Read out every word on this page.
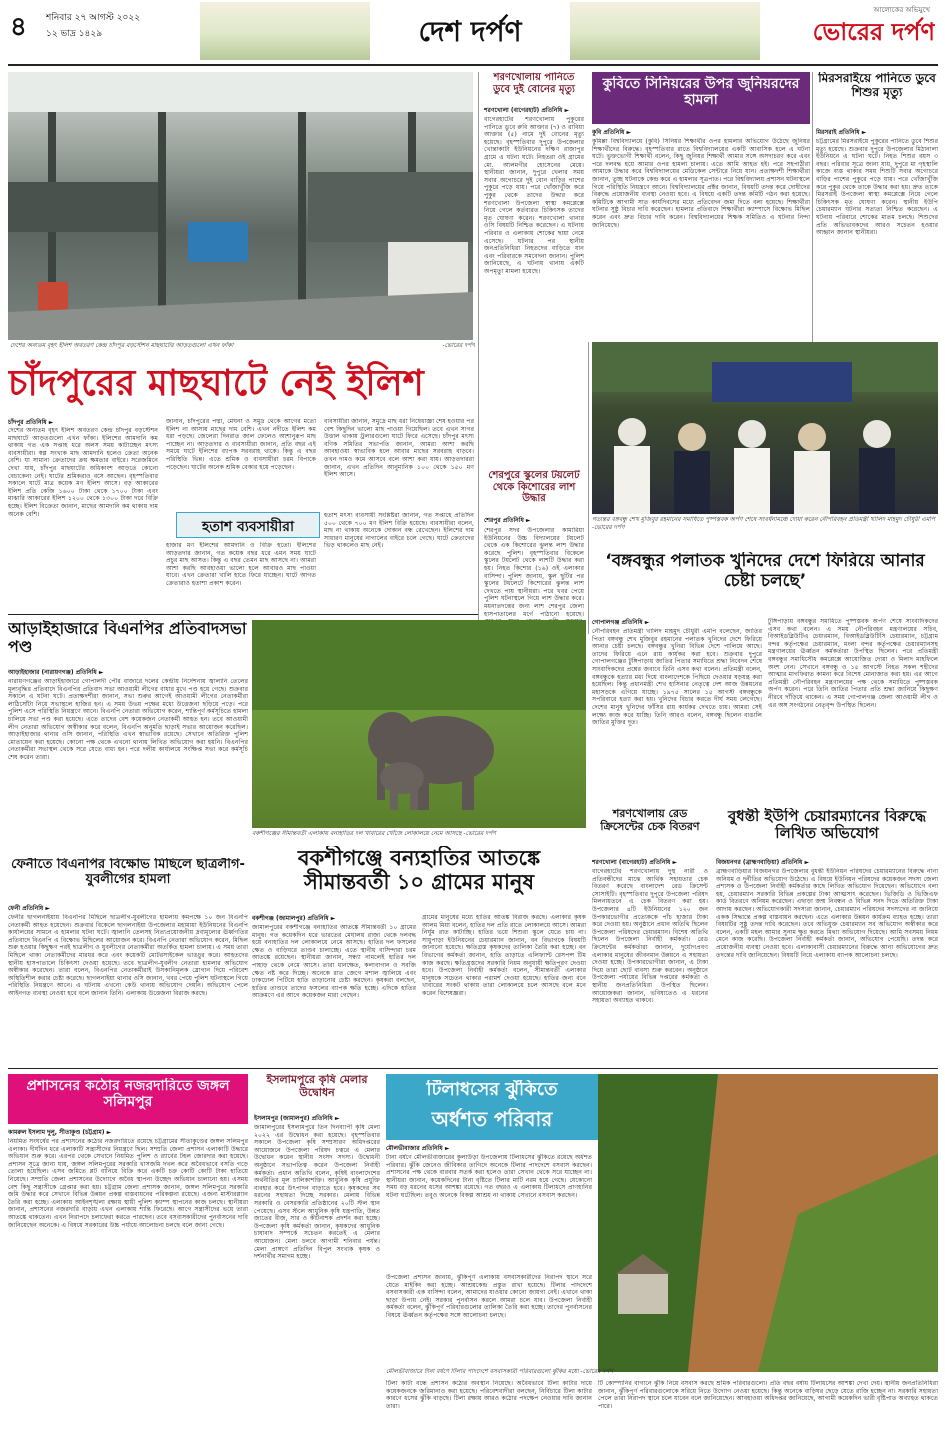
৪	শনিবার ২৭ আগস্ট ২০২২
১২ ভাদ্র ১৪২৯	দেশ দর্পণ
আলোকের অভিমুখে
ভোরের দর্পণ
দেশের অন্যতম বৃহৎ ইলিশ অবতরণ কেন্দ্র চাঁদপুর বড়স্টেশন মাছঘাটের আড়তগুলো এখন ফাঁকা	-ভোরের দর্পণ
শরণখোলায় পানিতে ডুবে দুই বোনের মৃত্যু
শরণখোলা (বাগেরহাট) প্রতিনিধি ►
বাগেরহাটের শরণখোলায় পুকুরের পানিতে ডুবে রুবি আক্তার (৭) ও রাবিয়া আক্তার (৫) নামে দুই বোনের মৃত্যু হয়েছে। বৃহস্পতিবার দুপুরে উপজেলার খোন্তাকাটা ইউনিয়নের দক্ষিণ রাজাপুর গ্রামে এ ঘটনা ঘটে। নিহতরা ওই গ্রামের মো. আলমগীর হোসেনের মেয়ে। স্থানীয়রা জানান, দুপুরে খেলার সময় সবার অগোচরে দুই বোন বাড়ির পাশের পুকুরে পড়ে যায়। পরে খোঁজাখুঁজি করে পুকুর থেকে তাদের উদ্ধার করে শরণখোলা উপজেলা স্বাস্থ্য কমপ্লেক্সে নিয়ে গেলে কর্তব্যরত চিকিৎসক তাদের মৃত ঘোষণা করেন। শরণখোলা থানার ওসি বিষয়টি নিশ্চিত করেছেন। এ ঘটনায় পরিবার ও এলাকায় শোকের ছায়া নেমে এসেছে। ঘটনার পর স্থানীয় জনপ্রতিনিধিরা নিহতদের বাড়িতে যান এবং পরিবারকে সমবেদনা জানান। পুলিশ জানিয়েছে, এ ঘটনায় থানায় একটি অপমৃত্যু মামলা হয়েছে।
শেরপুরে স্কুলের টয়লেট থেকে কিশোরের লাশ উদ্ধার
শেরপুর প্রতিনিধি ►
শেরপুর সদর উপজেলার কামারিয়া ইউনিয়নের উচ্চ বিদ্যালয়ের টয়লেট থেকে এক কিশোরের ঝুলন্ত লাশ উদ্ধার করেছে পুলিশ। বৃহস্পতিবার বিকেলে স্কুলের টয়লেট থেকে লাশটি উদ্ধার করা হয়। নিহত কিশোর (১৬) ওই এলাকার বাসিন্দা। পুলিশ জানায়, স্কুল ছুটির পর স্কুলের টয়লেটে কিশোরের ঝুলন্ত লাশ দেখতে পায় স্থানীয়রা। পরে খবর পেয়ে পুলিশ ঘটনাস্থলে গিয়ে লাশ উদ্ধার করে। ময়নাতদন্তের জন্য লাশ শেরপুর জেলা হাসপাতালের মর্গে পাঠানো হয়েছে।
কুবিতে সিনিয়রের উপর জুনিয়রদের হামলা
কুবি প্রতিনিধি ►
কুমিল্লা বিশ্ববিদ্যালয়ে (কুবি) সিনিয়র শিক্ষার্থীর ওপর হামলার অভিযোগ উঠেছে জুনিয়র শিক্ষার্থীদের বিরুদ্ধে। বৃহস্পতিবার রাতে বিশ্ববিদ্যালয়ের একটি আবাসিক হলে এ ঘটনা ঘটে। ভুক্তভোগী শিক্ষার্থী বলেন, কিছু জুনিয়র শিক্ষার্থী আমার সঙ্গে অসদাচরণ করে এবং পরে দলবদ্ধ হয়ে আমার ওপর হামলা চালায়। এতে আমি আহত হই। পরে সহপাঠীরা আমাকে উদ্ধার করে বিশ্ববিদ্যালয়ের মেডিকেল সেন্টারে নিয়ে যান। প্রত্যক্ষদর্শী শিক্ষার্থীরা জানান, তুচ্ছ ঘটনাকে কেন্দ্র করে এ হামলার সূত্রপাত। পরে বিশ্ববিদ্যালয় প্রশাসন ঘটনাস্থলে গিয়ে পরিস্থিতি নিয়ন্ত্রণে আনে। বিশ্ববিদ্যালয়ের প্রক্টর জানান, বিষয়টি তদন্ত করে দোষীদের বিরুদ্ধে প্রয়োজনীয় ব্যবস্থা নেওয়া হবে। এ বিষয়ে একটি তদন্ত কমিটি গঠন করা হয়েছে। কমিটিকে আগামী সাত কার্যদিবসের মধ্যে প্রতিবেদন জমা দিতে বলা হয়েছে। শিক্ষার্থীরা ঘটনার সুষ্ঠু বিচার দাবি করেছেন। হামলার প্রতিবাদে শিক্ষার্থীরা ক্যাম্পাসে বিক্ষোভ মিছিল করেন এবং দ্রুত বিচার দাবি করেন। বিশ্ববিদ্যালয়ের শিক্ষক সমিতিও এ ঘটনার নিন্দা জানিয়েছে।
মিরসরাইয়ে পানিতে ডুবে শিশুর মৃত্যু
মিরসরাই প্রতিনিধি ►
চট্টগ্রামের মিরসরাইয়ে পুকুরের পানিতে ডুবে শিশুর মৃত্যু হয়েছে। শুক্রবার দুপুরে উপজেলার মিঠানালা ইউনিয়নে এ ঘটনা ঘটে। নিহত শিশুর বয়স ৩ বছর। পরিবার সূত্রে জানা যায়, দুপুরে মা গৃহস্থালি কাজে ব্যস্ত থাকার সময় শিশুটি সবার অগোচরে বাড়ির পাশের পুকুরে পড়ে যায়। পরে খোঁজাখুঁজি করে পুকুর থেকে তাকে উদ্ধার করা হয়। দ্রুত তাকে মিরসরাই উপজেলা স্বাস্থ্য কমপ্লেক্সে নিয়ে গেলে চিকিৎসক মৃত ঘোষণা করেন। স্থানীয় ইউপি চেয়ারম্যান ঘটনার সত্যতা নিশ্চিত করেছেন। এ ঘটনায় পরিবারে শোকের মাতম চলছে। শিশুদের প্রতি অভিভাবকদের আরও সচেতন হওয়ার আহ্বান জানান স্থানীয়রা।
গত্যন্তর বঙ্গবন্ধু শেখ মুজিবুর রহমানের সমাধিতে পুষ্পস্তবক অর্পণ শেষে সংবর্ধনামঞ্চে দোয়া করেন নৌপরিবহন প্রতিমন্ত্রী খালিদ মাহমুদ চৌধুরী এমপি -ভোরের দর্পণ
চাঁদপুরের মাছঘাটে নেই ইলিশ
চাঁদপুর প্রতিনিধি ►
দেশের অন্যতম বৃহৎ ইলিশ অবতরণ কেন্দ্র চাঁদপুর বড়স্টেশন মাছঘাটে আড়তগুলো এখন ফাঁকা। ইলিশের আমদানি কম থাকায় গত এক সপ্তাহ ধরে অলস সময় কাটাচ্ছেন মৎস্য ব্যবসায়ীরা। স্বল্প সংখ্যক মাছ আমদানি হলেও ক্রেতা অনেক বেশি। যা সামান্য ক্রেতাদের ক্রয় ক্ষমতার বাইরে। সরেজমিনে দেখা যায়, চাঁদপুর মাছঘাটের অধিকাংশ আড়তে কোনো বেচাকেনা নেই। ঘাটের শ্রমিকরাও বসে আছেন। বৃহস্পতিবার সকালে ঘাটে মাত্র কয়েক মণ ইলিশ আসে। বড় আকারের ইলিশ প্রতি কেজি ১৬০০ টাকা থেকে ১৭০০ টাকা এবং মাঝারি আকারের ইলিশ ১২০০ থেকে ১৩০০ টাকা দরে বিক্রি হচ্ছে। ইলিশ বিক্রেতা জানান, মাছের আমদানি কম থাকায় দাম অনেক বেশি।
জানান, চাঁদপুরের পদ্মা, মেঘনা ও সমুদ্র থেকে আগের মতো ইলিশ না আসায় মাছের দাম বেশি। এখন নদীতে ইলিশ কম ধরা পড়ছে। জেলেরা দিনরাত জাল ফেলেও আশানুরূপ মাছ পাচ্ছেন না। আড়তদার ও ব্যবসায়ীরা জানান, প্রতি বছর এই সময়ে ঘাটে ইলিশের ব্যাপক সরবরাহ থাকে। কিন্তু এ বছর পরিস্থিতি ভিন্ন। এতে শ্রমিক ও ব্যবসায়ীরা চরম বিপাকে পড়েছেন। ঘাটের অনেক শ্রমিক বেকার হয়ে পড়েছেন।
ব্যবসায়ীরা জানান, সমুদ্রে মাছ ধরা নিষেধাজ্ঞা শেষ হওয়ার পর বেশ কিছুদিন ভালো মাছ পাওয়া গিয়েছিল। তবে এখন সাগর উত্তাল থাকায় ট্রলারগুলো ঘাটে ফিরে এসেছে। চাঁদপুর মৎস্য বণিক সমিতির সভাপতি জানান, আমরা আশা করছি আবহাওয়া স্বাভাবিক হলে আবার মাছের সরবরাহ বাড়বে। তখন দামও কমে আসবে বলে আশা করা যায়। আড়তদাররা জানান, এখন প্রতিদিন আনুমানিক ১০০ থেকে ১৫০ মণ ইলিশ আসে।
হতাশ ব্যবসায়ীরা
হাজার মণ ইলিশের আমদানি ও বিক্রি হতো। ইলিশের আড়তদার জানান, গত কয়েক বছর ধরে এমন সময় ঘাটে প্রচুর মাছ আসত। কিন্তু এ বছর তেমন মাছ আসছে না। আমরা আশা করছি আবহাওয়া ভালো হলে আবারও মাছ পাওয়া যাবে। এখন ক্রেতারা খালি হাতে ফিরে যাচ্ছেন। ঘাটে আগত ক্রেতারাও হতাশা প্রকাশ করেন।
হতাশ মৎস্য ব্যবসায়ী সংশ্লিষ্টরা জানান, গত সপ্তাহে প্রতিদিন ৫০০ থেকে ৭০০ মণ ইলিশ বিক্রি হয়েছে। ব্যবসায়ীরা বলেন, মাছ না থাকায় অনেকে দোকান বন্ধ রেখেছেন। ইলিশের দাম সাধারণ মানুষের নাগালের বাইরে চলে গেছে। ঘাটে ক্রেতাদের ভিড় থাকলেও মাছ নেই।
‘বঙ্গবন্ধুর পলাতক খুনিদের দেশে ফিরিয়ে আনার চেষ্টা চলছে’
গোপালগঞ্জ প্রতিনিধি ►
নৌপরিবহন প্রতিমন্ত্রী খালিদ মাহমুদ চৌধুরী এমপি বলেছেন, জাতির পিতা বঙ্গবন্ধু শেখ মুজিবুর রহমানের পলাতক খুনিদের দেশে ফিরিয়ে আনার চেষ্টা চলছে। বঙ্গবন্ধুর খুনিরা বিভিন্ন দেশে পালিয়ে আছে। তাদের ফিরিয়ে এনে রায় কার্যকর করা হবে। শুক্রবার দুপুরে গোপালগঞ্জের টুঙ্গিপাড়ায় জাতির পিতার সমাধিতে শ্রদ্ধা নিবেদন শেষে সাংবাদিকদের প্রশ্নের জবাবে তিনি এসব কথা বলেন। প্রতিমন্ত্রী বলেন, বঙ্গবন্ধুকে হত্যার মধ্য দিয়ে বাংলাদেশকে পিছিয়ে দেওয়ার ষড়যন্ত্র করা হয়েছিল। কিন্তু প্রধানমন্ত্রী শেখ হাসিনার নেতৃত্বে দেশ আজ উন্নয়নের মহাসড়কে এগিয়ে যাচ্ছে। ১৯৭৫ সালের ১৫ আগস্ট বঙ্গবন্ধুকে সপরিবারে হত্যা করা হয়। খুনিদের বিচার করতে দীর্ঘ সময় লেগেছে। দেশের মানুষ খুনিদের ফাঁসির রায় কার্যকর দেখতে চায়। আমরা সেই লক্ষ্যে কাজ করে যাচ্ছি। তিনি আরও বলেন, বঙ্গবন্ধু ছিলেন বাঙালি জাতির মুক্তির দূত।
টুঙ্গিপাড়ায় বঙ্গবন্ধুর সমাধিতে পুষ্পস্তবক অর্পণ শেষে সাংবাদিকদের এসব কথা বলেন। এ সময় নৌপরিবহন মন্ত্রণালয়ের সচিব, বিআইডব্লিউটিএ চেয়ারম্যান, বিআইডব্লিউটিসি চেয়ারম্যান, চট্টগ্রাম বন্দর কর্তৃপক্ষের চেয়ারম্যান, মংলা বন্দর কর্তৃপক্ষের চেয়ারম্যানসহ মন্ত্রণালয়ের ঊর্ধ্বতন কর্মকর্তারা উপস্থিত ছিলেন। পরে প্রতিমন্ত্রী বঙ্গবন্ধুর সমাধিসৌধ কমপ্লেক্সে আয়োজিত দোয়া ও মিলাদ মাহফিলে অংশ নেন। সেখানে বঙ্গবন্ধু ও ১৫ আগস্টে নিহত সকল শহীদের আত্মার মাগফিরাত কামনা করে বিশেষ মোনাজাত করা হয়। এর আগে প্রতিমন্ত্রী নৌপরিবহন মন্ত্রণালয়ের পক্ষ থেকে সমাধিতে পুষ্পস্তবক অর্পণ করেন। পরে তিনি জাতির পিতার প্রতি শ্রদ্ধা জানিয়ে কিছুক্ষণ নীরবে দাঁড়িয়ে থাকেন। এ সময় গোপালগঞ্জ জেলা আওয়ামী লীগ ও এর অঙ্গ সংগঠনের নেতৃবৃন্দ উপস্থিত ছিলেন।
আড়াইহাজারে বিএনপির প্রতিবাদসভা পণ্ড
আড়াইহাজার (নারায়ণগঞ্জ) প্রতিনিধি ►
নারায়ণগঞ্জের আড়াইহাজারে গোপালদী পৌর বাজারে দলের কেন্দ্রীয় নির্দেশনায় জ্বালানি তেলের মূল্যবৃদ্ধির প্রতিবাদে বিএনপির প্রতিবাদ সভা আওয়ামী লীগের বাধার মুখে পণ্ড হয়ে গেছে। শুক্রবার সকালে এ ঘটনা ঘটে। প্রত্যক্ষদর্শীরা জানান, সভা শুরুর আগেই আওয়ামী লীগের নেতাকর্মীরা লাঠিসোঁটা নিয়ে সভাস্থলে হাজির হন। এ সময় উভয় পক্ষের মধ্যে উত্তেজনা ছড়িয়ে পড়ে। পরে পুলিশ এসে পরিস্থিতি নিয়ন্ত্রণে আনে। বিএনপি নেতারা অভিযোগ করেন, শান্তিপূর্ণ কর্মসূচিতে হামলা চালিয়ে সভা পণ্ড করা হয়েছে। এতে তাদের বেশ কয়েকজন নেতাকর্মী আহত হন। তবে আওয়ামী লীগ নেতারা অভিযোগ অস্বীকার করে বলেন, বিএনপি অনুমতি ছাড়াই সভার আয়োজন করেছিল। আড়াইহাজার থানার ওসি জানান, পরিস্থিতি এখন স্বাভাবিক রয়েছে। সেখানে অতিরিক্ত পুলিশ মোতায়েন করা হয়েছে। কোনো পক্ষ থেকে এখনো থানায় লিখিত অভিযোগ করা হয়নি। বিএনপির নেতাকর্মীরা সভাস্থল থেকে সরে যেতে বাধ্য হন। পরে দলীয় কার্যালয়ে সংক্ষিপ্ত সভা করে কর্মসূচি শেষ করেন তারা।
বকশীগঞ্জের সীমান্তবর্তী এলাকায় বন্যহাতির দল খাবারের খোঁজে লোকালয়ে নেমে আসছে -ভোরের দর্পণ
শরণখোলায় রেড ক্রিসেন্টের চেক বিতরণ
শরণখোলা (বাগেরহাট) প্রতিনিধি ►
বাগেরহাটের শরণখোলায় দুস্থ নারী ও প্রতিবন্ধীদের মাঝে আর্থিক সহায়তার চেক বিতরণ করেছে বাংলাদেশ রেড ক্রিসেন্ট সোসাইটি। বৃহস্পতিবার দুপুরে উপজেলা পরিষদ মিলনায়তনে এ চেক বিতরণ করা হয়। উপজেলার ৪টি ইউনিয়নের ১২০ জন উপকারভোগীর প্রত্যেককে পাঁচ হাজার টাকা করে দেওয়া হয়। অনুষ্ঠানে প্রধান অতিথি ছিলেন উপজেলা পরিষদের চেয়ারম্যান। বিশেষ অতিথি ছিলেন উপজেলা নির্বাহী কর্মকর্তা। রেড ক্রিসেন্টের কর্মকর্তারা জানান, দুর্যোগপ্রবণ এলাকার মানুষের জীবনমান উন্নয়নে এ সহায়তা দেওয়া হচ্ছে। উপকারভোগীরা জানান, এ টাকা দিয়ে তারা ছোট ব্যবসা শুরু করবেন। অনুষ্ঠানে উপজেলা পর্যায়ের বিভিন্ন দপ্তরের কর্মকর্তা ও স্থানীয় জনপ্রতিনিধিরা উপস্থিত ছিলেন। আয়োজকরা জানান, ভবিষ্যতেও এ ধরনের সহায়তা অব্যাহত থাকবে।
বুধন্তী ইউপি চেয়ারম্যানের বিরুদ্ধে লিখিত অভিযোগ
বিজয়নগর (ব্রাহ্মণবাড়িয়া) প্রতিনিধি ►
ব্রাহ্মণবাড়িয়ার বিজয়নগর উপজেলার বুধন্তী ইউনিয়ন পরিষদের চেয়ারম্যানের বিরুদ্ধে নানা অনিয়ম ও দুর্নীতির অভিযোগ উঠেছে। এ বিষয়ে ইউনিয়ন পরিষদের কয়েকজন সদস্য জেলা প্রশাসক ও উপজেলা নির্বাহী কর্মকর্তার কাছে লিখিত অভিযোগ দিয়েছেন। অভিযোগে বলা হয়, চেয়ারম্যান সরকারি বিভিন্ন প্রকল্পের টাকা আত্মসাৎ করেছেন। ভিজিডি ও ভিজিএফ কার্ড বিতরণে অনিয়ম করেছেন। এছাড়া জন্ম নিবন্ধন ও বিভিন্ন সনদ দিতে অতিরিক্ত টাকা আদায় করছেন। অভিযোগকারী সদস্যরা জানান, চেয়ারম্যান পরিষদের সদস্যদের না জানিয়ে একক সিদ্ধান্তে প্রকল্প বাস্তবায়ন করছেন। এতে এলাকার উন্নয়ন কার্যক্রম ব্যাহত হচ্ছে। তারা বিষয়টির সুষ্ঠু তদন্ত দাবি করেছেন। তবে অভিযুক্ত চেয়ারম্যান সব অভিযোগ অস্বীকার করে বলেন, একটি মহল আমার সুনাম ক্ষুণ্ণ করতে মিথ্যা অভিযোগ দিয়েছে। আমি সবসময় নিয়ম মেনে কাজ করেছি। উপজেলা নির্বাহী কর্মকর্তা জানান, অভিযোগ পেয়েছি। তদন্ত করে প্রয়োজনীয় ব্যবস্থা নেওয়া হবে। এলাকাবাসী চেয়ারম্যানের বিরুদ্ধে আনা অভিযোগের দ্রুত তদন্তের দাবি জানিয়েছেন। বিষয়টি নিয়ে এলাকায় ব্যাপক আলোচনা চলছে।
ফেনীতে বিএনপির বিক্ষোভ মিছিলে ছাত্রলীগ-যুবলীগের হামলা
ফেনী প্রতিনিধি ►
ফেনীর ছাগলনাইয়ায় বিএনপির মিছিলে ছাত্রলীগ-যুবলীগের হামলায় কমপক্ষে ১০ জন বিএনপি নেতাকর্মী আহত হয়েছেন। শুক্রবার বিকেলে ছাগলনাইয়া উপজেলার মহামায়া ইউনিয়নের বিএনপি কার্যালয়ের সামনে এ হামলার ঘটনা ঘটে। জ্বালানি তেলসহ নিত্যপ্রয়োজনীয় দ্রব্যমূল্যের ঊর্ধ্বগতির প্রতিবাদে বিএনপি এ বিক্ষোভ মিছিলের আয়োজন করে। বিএনপি নেতারা অভিযোগ করেন, মিছিল শুরু হওয়ার কিছুক্ষণ পরই ছাত্রলীগ ও যুবলীগের নেতাকর্মীরা অতর্কিত হামলা চালায়। এ সময় তারা মিছিলে থাকা নেতাকর্মীদের মারধর করে এবং কয়েকটি মোটরসাইকেল ভাঙচুর করে। আহতদের স্থানীয় হাসপাতালে চিকিৎসা দেওয়া হয়েছে। তবে ছাত্রলীগ-যুবলীগ নেতারা হামলার অভিযোগ অস্বীকার করেছেন। তারা বলেন, বিএনপির নেতাকর্মীরাই উসকানিমূলক স্লোগান দিয়ে পরিবেশ অস্থিতিশীল করার চেষ্টা করেছে। ছাগলনাইয়া থানার ওসি জানান, খবর পেয়ে পুলিশ ঘটনাস্থলে গিয়ে পরিস্থিতি নিয়ন্ত্রণে আনে। এ ঘটনায় এখনো কেউ থানায় অভিযোগ দেয়নি। অভিযোগ পেলে আইনগত ব্যবস্থা নেওয়া হবে বলে জানান তিনি। এলাকায় উত্তেজনা বিরাজ করছে।
বকশীগঞ্জে বন্যহাতির আতঙ্কে সীমান্তবর্তী ১০ গ্রামের মানুষ
বকশীগঞ্জ (জামালপুর) প্রতিনিধি ►
জামালপুরের বকশীগঞ্জে বন্যহাতির আতঙ্কে সীমান্তবর্তী ১০ গ্রামের মানুষ। গত কয়েকদিন ধরে ভারতের মেঘালয় রাজ্য থেকে দলবদ্ধ হয়ে বন্যহাতির দল লোকালয়ে নেমে আসছে। হাতির দল ফসলের ক্ষেত ও বাড়িঘরে তাণ্ডব চালাচ্ছে। এতে স্থানীয় বাসিন্দারা চরম আতঙ্কে রয়েছেন। স্থানীয়রা জানান, সন্ধ্যা নামলেই হাতির দল পাহাড় থেকে নেমে আসে। তারা ধানক্ষেত, কলাবাগান ও সবজি ক্ষেত নষ্ট করে দিচ্ছে। অনেকে রাত জেগে মশাল জ্বালিয়ে এবং ঢাকঢোল পিটিয়ে হাতি তাড়ানোর চেষ্টা করছেন। কৃষকরা বলছেন, হাতির তাণ্ডবে তাদের ফসলের ব্যাপক ক্ষতি হচ্ছে। এদিকে হাতির আক্রমণে এর আগে কয়েকজন মারা গেছেন।
গ্রামের মানুষের মধ্যে হাতির আতঙ্ক বিরাজ করছে। এলাকার কৃষক আলম মিয়া বলেন, হাতির দল প্রতি রাতে লোকালয়ে আসে। আমরা নির্ঘুম রাত কাটাচ্ছি। হাতির ভয়ে শিশুরা স্কুলে যেতে চায় না। সাধুপাড়া ইউনিয়নের চেয়ারম্যান জানান, বন বিভাগকে বিষয়টি জানানো হয়েছে। ক্ষতিগ্রস্ত কৃষকদের তালিকা তৈরি করা হচ্ছে। বন বিভাগের কর্মকর্তা জানান, হাতি তাড়াতে এলিফ্যান্ট রেসপন্স টিম কাজ করছে। ক্ষতিগ্রস্তদের সরকারি নিয়ম অনুযায়ী ক্ষতিপূরণ দেওয়া হবে। উপজেলা নির্বাহী কর্মকর্তা বলেন, সীমান্তবর্তী এলাকার মানুষকে সচেতন থাকার পরামর্শ দেওয়া হয়েছে। হাতির জন্য বনে খাবারের সংকট থাকায় তারা লোকালয়ে চলে আসছে বলে মনে করেন বিশেষজ্ঞরা।
প্রশাসনের কঠোর নজরদারিতে জঙ্গল সলিমপুর
কামরুল ইসলাম দুলু, সীতাকুণ্ড (চট্টগ্রাম) ►
নিয়মিত সংঘর্ষের পর প্রশাসনের কঠোর নজরদারিতে রয়েছে চট্টগ্রামের সীতাকুণ্ডের জঙ্গল সলিমপুর এলাকা। দীর্ঘদিন ধরে এলাকাটি সন্ত্রাসীদের নিয়ন্ত্রণে ছিল। সম্প্রতি জেলা প্রশাসন এলাকাটি উদ্ধারে অভিযান শুরু করে। এরপর থেকে সেখানে নিয়মিত পুলিশ ও র‍্যাবের টহল জোরদার করা হয়েছে। প্রশাসন সূত্রে জানা যায়, জঙ্গল সলিমপুরের সরকারি খাসজমি দখল করে অবৈধভাবে বসতি গড়ে তোলা হয়েছিল। এসব জমিতে প্লট বানিয়ে বিক্রি করে একটি চক্র কোটি কোটি টাকা হাতিয়ে নিয়েছে। সম্প্রতি জেলা প্রশাসনের উদ্যোগে অবৈধ স্থাপনা উচ্ছেদ অভিযান চালানো হয়। এসময় বেশ কিছু সন্ত্রাসীকে গ্রেপ্তার করা হয়। চট্টগ্রাম জেলা প্রশাসক জানান, জঙ্গল সলিমপুরে সরকারি জমি উদ্ধার করে সেখানে বিভিন্ন উন্নয়ন প্রকল্প বাস্তবায়নের পরিকল্পনা রয়েছে। এজন্য মাস্টারপ্ল্যান তৈরি করা হচ্ছে। এলাকায় আইনশৃঙ্খলা রক্ষায় স্থায়ী পুলিশ ক্যাম্প স্থাপনের কাজ চলছে। স্থানীয়রা জানান, প্রশাসনের নজরদারি বাড়ায় এখন এলাকায় শান্তি ফিরেছে। আগে সন্ত্রাসীদের ভয়ে তারা আতঙ্কে থাকতেন। এখন নিরাপদে চলাফেরা করতে পারছেন। তবে বসবাসকারীদের পুনর্বাসনের দাবি জানিয়েছেন অনেকে। এ বিষয়ে সরকারের উচ্চ পর্যায়ে আলোচনা চলছে বলে জানা গেছে।
ইসলামপুরে কৃষি মেলার উদ্বোধন
ইসলামপুর (জামালপুর) প্রতিনিধি ►
জামালপুরের ইসলামপুরে তিন দিনব্যাপী কৃষি মেলা ২০২২ এর উদ্বোধন করা হয়েছে। বৃহস্পতিবার সকালে উপজেলা কৃষি সম্প্রসারণ অধিদপ্তরের আয়োজনে উপজেলা পরিষদ চত্বরে এ মেলার উদ্বোধন করেন স্থানীয় সংসদ সদস্য। উদ্বোধনী অনুষ্ঠানে সভাপতিত্ব করেন উপজেলা নির্বাহী কর্মকর্তা। প্রধান অতিথি বলেন, কৃষিই বাংলাদেশের অর্থনীতির মূল চালিকাশক্তি। আধুনিক কৃষি প্রযুক্তি ব্যবহার করে উৎপাদন বাড়াতে হবে। কৃষকদের সব ধরনের সহায়তা দিচ্ছে সরকার। মেলায় বিভিন্ন সরকারি ও বেসরকারি প্রতিষ্ঠানের ২০টি স্টল স্থান পেয়েছে। এসব স্টলে আধুনিক কৃষি যন্ত্রপাতি, উন্নত জাতের বীজ, সার ও কীটনাশক প্রদর্শন করা হচ্ছে। উপজেলা কৃষি কর্মকর্তা জানান, কৃষকদের আধুনিক চাষাবাদ সম্পর্কে সচেতন করতেই এ মেলার আয়োজন। মেলা চলবে আগামী শনিবার পর্যন্ত। মেলা প্রাঙ্গণে প্রতিদিন বিপুল সংখ্যক কৃষক ও দর্শনার্থীর সমাগম হচ্ছে।
টিলাধসের ঝুঁকিতে
অর্ধশত পরিবার
মৌলভীবাজার প্রতিনিধি ►
টানা বর্ষণে মৌলভীবাজারের কুলাউড়া উপজেলায় টিলাধসের ঝুঁকিতে রয়েছে অর্ধশত পরিবার। ঝুঁকি জেনেও জীবিকার তাগিদে অনেকে টিলার পাদদেশে বসবাস করছেন। প্রশাসনের পক্ষ থেকে বারবার সতর্ক করা হলেও তারা সেখান থেকে সরে যাচ্ছেন না। স্থানীয়রা জানান, কয়েকদিনের টানা বৃষ্টিতে টিলার মাটি নরম হয়ে গেছে। যেকোনো সময় বড় ধরনের ধসের আশঙ্কা রয়েছে। গত বছরও এ এলাকায় টিলাধসে প্রাণহানির ঘটনা ঘটেছিল। তবুও অনেকে বিকল্প আশ্রয় না থাকায় সেখানে বসবাস করছেন।
উপজেলা প্রশাসন জানায়, ঝুঁকিপূর্ণ এলাকায় বসবাসকারীদের নিরাপদ স্থানে সরে যেতে মাইকিং করা হচ্ছে। আশ্রয়কেন্দ্র প্রস্তুত রাখা হয়েছে। টিলার পাদদেশে বসবাসকারী এক বাসিন্দা বলেন, আমাদের যাওয়ার কোনো জায়গা নেই। এখানে থাকা ছাড়া উপায় নেই। সরকার পুনর্বাসন করলে আমরা চলে যাব। উপজেলা নির্বাহী কর্মকর্তা বলেন, ঝুঁকিপূর্ণ পরিবারগুলোর তালিকা তৈরি করা হচ্ছে। তাদের পুনর্বাসনের বিষয়ে ঊর্ধ্বতন কর্তৃপক্ষের সঙ্গে আলোচনা চলছে।
মৌলভীবাজারে টানা বর্ষণে টিলার পাদদেশে বসবাসকারী পরিবারগুলো ঝুঁকির মধ্যে -ভোরের দর্পণ
টিলা কাটা বন্ধে প্রশাসন কঠোর অবস্থান নিয়েছে। অবৈধভাবে টিলা কাটার দায়ে কয়েকজনকে জরিমানাও করা হয়েছে। পরিবেশবাদীরা বলছেন, নির্বিচারে টিলা কাটার কারণে ধসের ঝুঁকি বাড়ছে। টিলা রক্ষায় আরও কঠোর পদক্ষেপ নেওয়ার দাবি জানান তারা।
টি কোম্পানির বাগানে ঝুঁকি নিয়ে বসবাস করছে শ্রমিক পরিবারগুলো। প্রতি বছর বর্ষায় টিলাধসের আশঙ্কা দেখা দেয়। স্থানীয় জনপ্রতিনিধিরা জানান, ঝুঁকিপূর্ণ পরিবারগুলোকে সরিয়ে নিতে উদ্যোগ নেওয়া হয়েছে। কিন্তু অনেকে বাড়িঘর ছেড়ে যেতে রাজি হচ্ছেন না। সরকারি সহায়তা পেলে তারা নিরাপদ স্থানে চলে যাবেন বলে জানিয়েছেন। আবহাওয়া অধিদপ্তর জানিয়েছে, আগামী কয়েকদিন ভারী বৃষ্টিপাত অব্যাহত থাকতে পারে।
